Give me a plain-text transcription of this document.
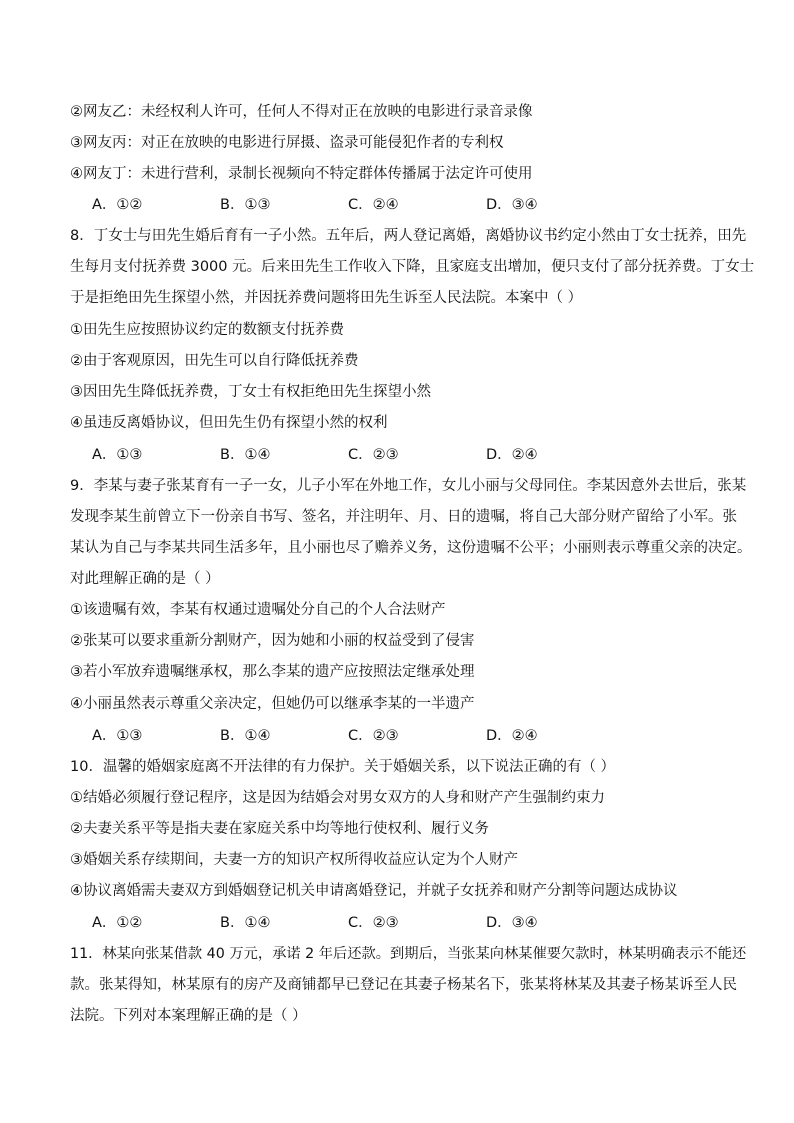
②网友乙：未经权利人许可，任何人不得对正在放映的电影进行录音录像
③网友丙：对正在放映的电影进行屏摄、盗录可能侵犯作者的专利权
④网友丁：未进行营利，录制长视频向不特定群体传播属于法定许可使用
A．①②	B．①③	C．②④	D．③④
8．丁女士与田先生婚后育有一子小然。五年后，两人登记离婚，离婚协议书约定小然由丁女士抚养，田先
生每月支付抚养费 3000 元。后来田先生工作收入下降，且家庭支出增加，便只支付了部分抚养费。丁女士
于是拒绝田先生探望小然，并因抚养费问题将田先生诉至人民法院。本案中（ ）
①田先生应按照协议约定的数额支付抚养费
②由于客观原因，田先生可以自行降低抚养费
③因田先生降低抚养费，丁女士有权拒绝田先生探望小然
④虽违反离婚协议，但田先生仍有探望小然的权利
A．①③	B．①④	C．②③	D．②④
9．李某与妻子张某育有一子一女，儿子小军在外地工作，女儿小丽与父母同住。李某因意外去世后，张某
发现李某生前曾立下一份亲自书写、签名，并注明年、月、日的遗嘱，将自己大部分财产留给了小军。张
某认为自己与李某共同生活多年，且小丽也尽了赡养义务，这份遗嘱不公平；小丽则表示尊重父亲的决定。
对此理解正确的是（ ）
①该遗嘱有效，李某有权通过遗嘱处分自己的个人合法财产
②张某可以要求重新分割财产，因为她和小丽的权益受到了侵害
③若小军放弃遗嘱继承权，那么李某的遗产应按照法定继承处理
④小丽虽然表示尊重父亲决定，但她仍可以继承李某的一半遗产
A．①③	B．①④	C．②③	D．②④
10．温馨的婚姻家庭离不开法律的有力保护。关于婚姻关系，以下说法正确的有（ ）
①结婚必须履行登记程序，这是因为结婚会对男女双方的人身和财产产生强制约束力
②夫妻关系平等是指夫妻在家庭关系中均等地行使权利、履行义务
③婚姻关系存续期间，夫妻一方的知识产权所得收益应认定为个人财产
④协议离婚需夫妻双方到婚姻登记机关申请离婚登记，并就子女抚养和财产分割等问题达成协议
A．①②	B．①④	C．②③	D．③④
11．林某向张某借款 40 万元，承诺 2 年后还款。到期后，当张某向林某催要欠款时，林某明确表示不能还
款。张某得知，林某原有的房产及商铺都早已登记在其妻子杨某名下，张某将林某及其妻子杨某诉至人民
法院。下列对本案理解正确的是（ ）
